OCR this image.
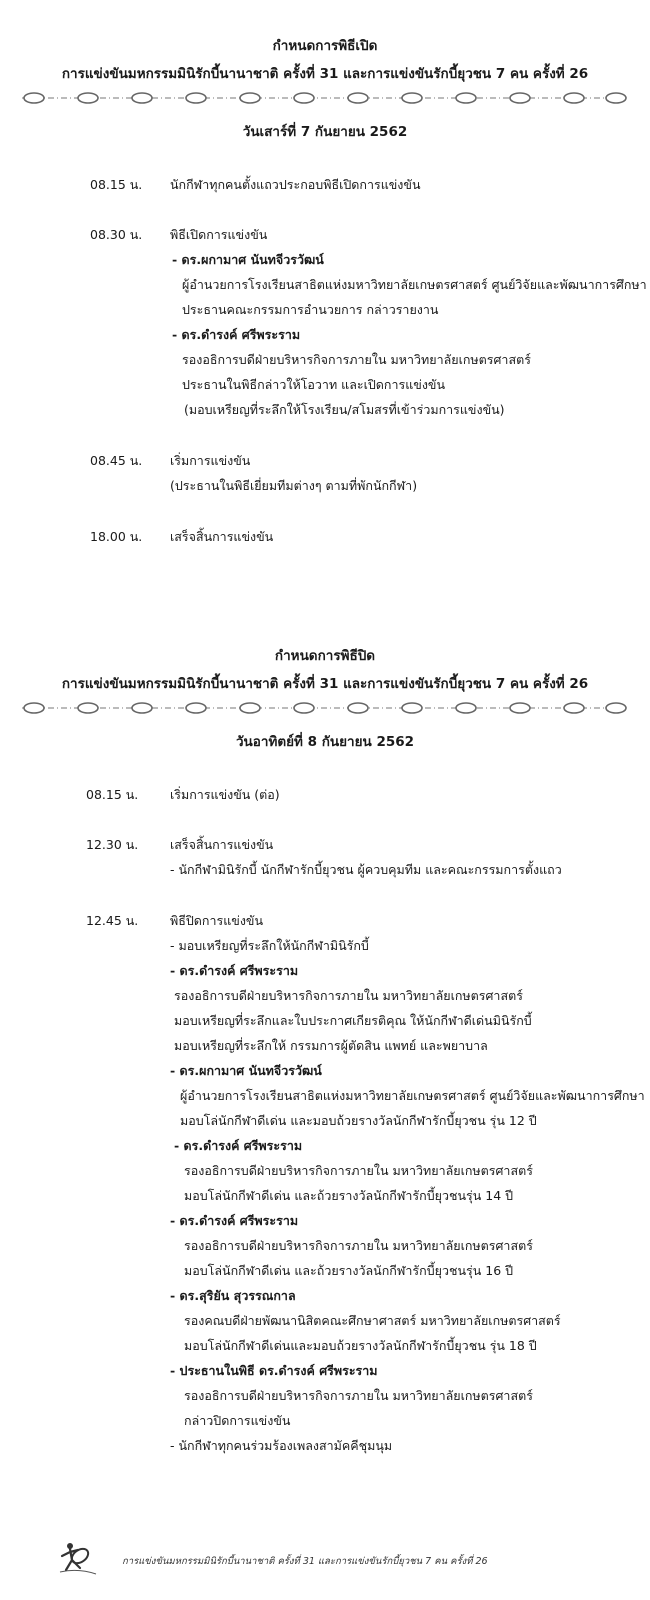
กำหนดการพิธีเปิด
การแข่งขันมหกรรมมินิรักบี้นานาชาติ ครั้งที่ 31 และการแข่งขันรักบี้ยุวชน 7 คน ครั้งที่ 26
วันเสาร์ที่ 7 กันยายน 2562
08.15 น. นักกีฬาทุกคนตั้งแถวประกอบพิธีเปิดการแข่งขัน
08.30 น. พิธีเปิดการแข่งขัน
- ดร.ผกามาศ นันทจีวรวัฒน์
ผู้อำนวยการโรงเรียนสาธิตแห่งมหาวิทยาลัยเกษตรศาสตร์ ศูนย์วิจัยและพัฒนาการศึกษา
ประธานคณะกรรมการอำนวยการ กล่าวรายงาน
- ดร.ดำรงค์ ศรีพระราม
รองอธิการบดีฝ่ายบริหารกิจการภายใน มหาวิทยาลัยเกษตรศาสตร์
ประธานในพิธีกล่าวให้โอวาท และเปิดการแข่งขัน
(มอบเหรียญที่ระลึกให้โรงเรียน/สโมสรที่เข้าร่วมการแข่งขัน)
08.45 น. เริ่มการแข่งขัน
(ประธานในพิธีเยี่ยมทีมต่างๆ ตามที่พักนักกีฬา)
18.00 น. เสร็จสิ้นการแข่งขัน
กำหนดการพิธีปิด
การแข่งขันมหกรรมมินิรักบี้นานาชาติ ครั้งที่ 31 และการแข่งขันรักบี้ยุวชน 7 คน ครั้งที่ 26
วันอาทิตย์ที่ 8 กันยายน 2562
08.15 น.	เริ่มการแข่งขัน (ต่อ)
12.30 น.	เสร็จสิ้นการแข่งขัน
- นักกีฬามินิรักบี้ นักกีฬารักบี้ยุวชน ผู้ควบคุมทีม และคณะกรรมการตั้งแถว
12.45 น.	พิธีปิดการแข่งขัน
- มอบเหรียญที่ระลึกให้นักกีฬามินิรักบี้
- ดร.ดำรงค์ ศรีพระราม
รองอธิการบดีฝ่ายบริหารกิจการภายใน มหาวิทยาลัยเกษตรศาสตร์
มอบเหรียญที่ระลึกและใบประกาศเกียรติคุณ ให้นักกีฬาดีเด่นมินิรักบี้
มอบเหรียญที่ระลึกให้ กรรมการผู้ตัดสิน แพทย์ และพยาบาล
- ดร.ผกามาศ นันทจีวรวัฒน์
ผู้อำนวยการโรงเรียนสาธิตแห่งมหาวิทยาลัยเกษตรศาสตร์ ศูนย์วิจัยและพัฒนาการศึกษา
มอบโล่นักกีฬาดีเด่น และมอบถ้วยรางวัลนักกีฬารักบี้ยุวชน รุ่น 12 ปี
- ดร.ดำรงค์ ศรีพระราม
รองอธิการบดีฝ่ายบริหารกิจการภายใน มหาวิทยาลัยเกษตรศาสตร์
มอบโล่นักกีฬาดีเด่น และถ้วยรางวัลนักกีฬารักบี้ยุวชนรุ่น 14 ปี
- ดร.ดำรงค์ ศรีพระราม
รองอธิการบดีฝ่ายบริหารกิจการภายใน มหาวิทยาลัยเกษตรศาสตร์
มอบโล่นักกีฬาดีเด่น และถ้วยรางวัลนักกีฬารักบี้ยุวชนรุ่น 16 ปี
- ดร.สุริยัน สุวรรณกาล
รองคณบดีฝ่ายพัฒนานิสิตคณะศึกษาศาสตร์ มหาวิทยาลัยเกษตรศาสตร์
มอบโล่นักกีฬาดีเด่นและมอบถ้วยรางวัลนักกีฬารักบี้ยุวชน รุ่น 18 ปี
- ประธานในพิธี ดร.ดำรงค์ ศรีพระราม
รองอธิการบดีฝ่ายบริหารกิจการภายใน มหาวิทยาลัยเกษตรศาสตร์
กล่าวปิดการแข่งขัน
- นักกีฬาทุกคนร่วมร้องเพลงสามัคคีชุมนุม
การแข่งขันมหกรรมมินิรักบี้นานาชาติ ครั้งที่ 31 และการแข่งขันรักบี้ยุวชน 7 คน ครั้งที่ 26
